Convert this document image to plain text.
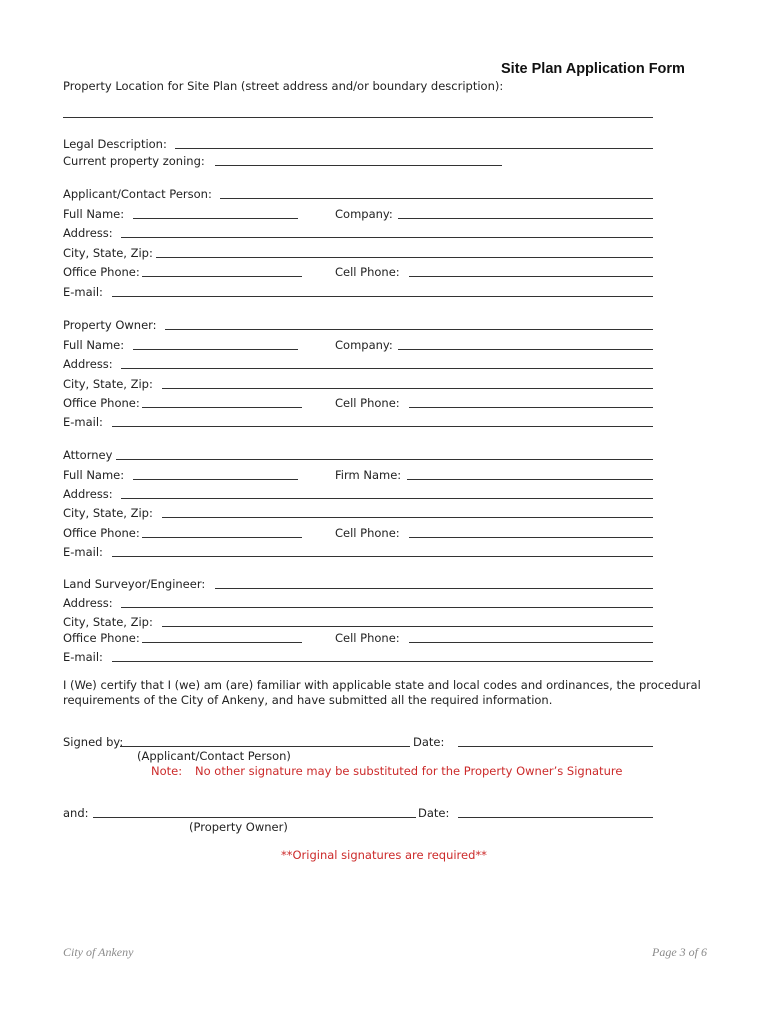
Site Plan Application Form
Property Location for Site Plan (street address and/or boundary description):
Legal Description:
Current property zoning:
Applicant/Contact Person:
Full Name:	Company:
Address:
City, State, Zip:
Office Phone:	Cell Phone:
E-mail:
Property Owner:
Full Name:	Company:
Address:
City, State, Zip:
Office Phone:	Cell Phone:
E-mail:
Attorney
Full Name:	Firm Name:
Address:
City, State, Zip:
Office Phone:	Cell Phone:
E-mail:
Land Surveyor/Engineer:
Address:
City, State, Zip:
Office Phone:	Cell Phone:
E-mail:
I (We) certify that I (we) am (are) familiar with applicable state and local codes and ordinances, the procedural
requirements of the City of Ankeny, and have submitted all the required information.
Signed by:	Date:
(Applicant/Contact Person)
Note: No other signature may be substituted for the Property Owner’s Signature
and:	Date:
(Property Owner)
**Original signatures are required**
City of Ankeny	Page 3 of 6
